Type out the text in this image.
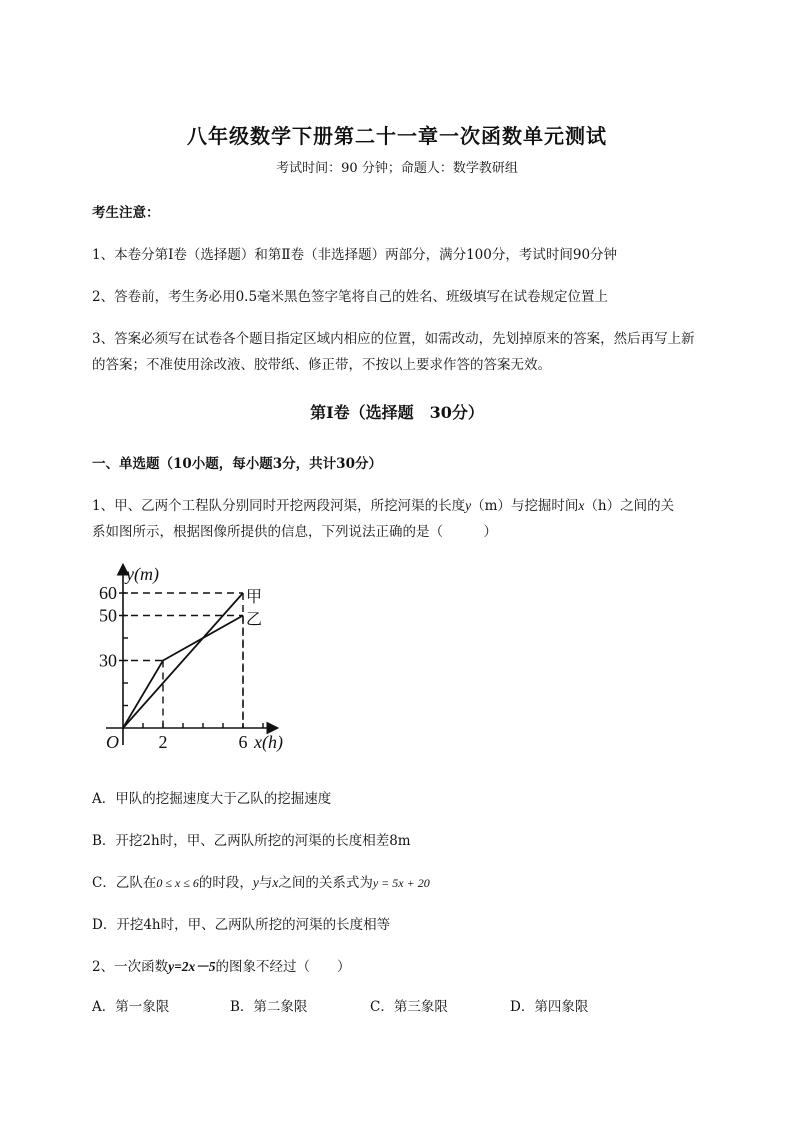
八年级数学下册第二十一章一次函数单元测试
考试时间：90 分钟；命题人：数学教研组
考生注意：
1、本卷分第I卷（选择题）和第Ⅱ卷（非选择题）两部分，满分100分，考试时间90分钟
2、答卷前，考生务必用0.5毫米黑色签字笔将自己的姓名、班级填写在试卷规定位置上
3、答案必须写在试卷各个题目指定区域内相应的位置，如需改动，先划掉原来的答案，然后再写上新
的答案；不准使用涂改液、胶带纸、修正带，不按以上要求作答的答案无效。
第I卷（选择题　30分）
一、单选题（10小题，每小题3分，共计30分）
1、甲、乙两个工程队分别同时开挖两段河渠，所挖河渠的长度y（m）与挖掘时间x（h）之间的关
系如图所示，根据图像所提供的信息，下列说法正确的是（　　　）
甲
乙
30
50
60
2	6
O	x(h)
y(m)
A．甲队的挖掘速度大于乙队的挖掘速度
B．开挖2h时，甲、乙两队所挖的河渠的长度相差8m
C．乙队在0 ≤ x ≤ 6的时段，y与x之间的关系式为y = 5x + 20
D．开挖4h时，甲、乙两队所挖的河渠的长度相等
2、一次函数y=2x－5的图象不经过（　　）
A．第一象限	B．第二象限	C．第三象限	D．第四象限
